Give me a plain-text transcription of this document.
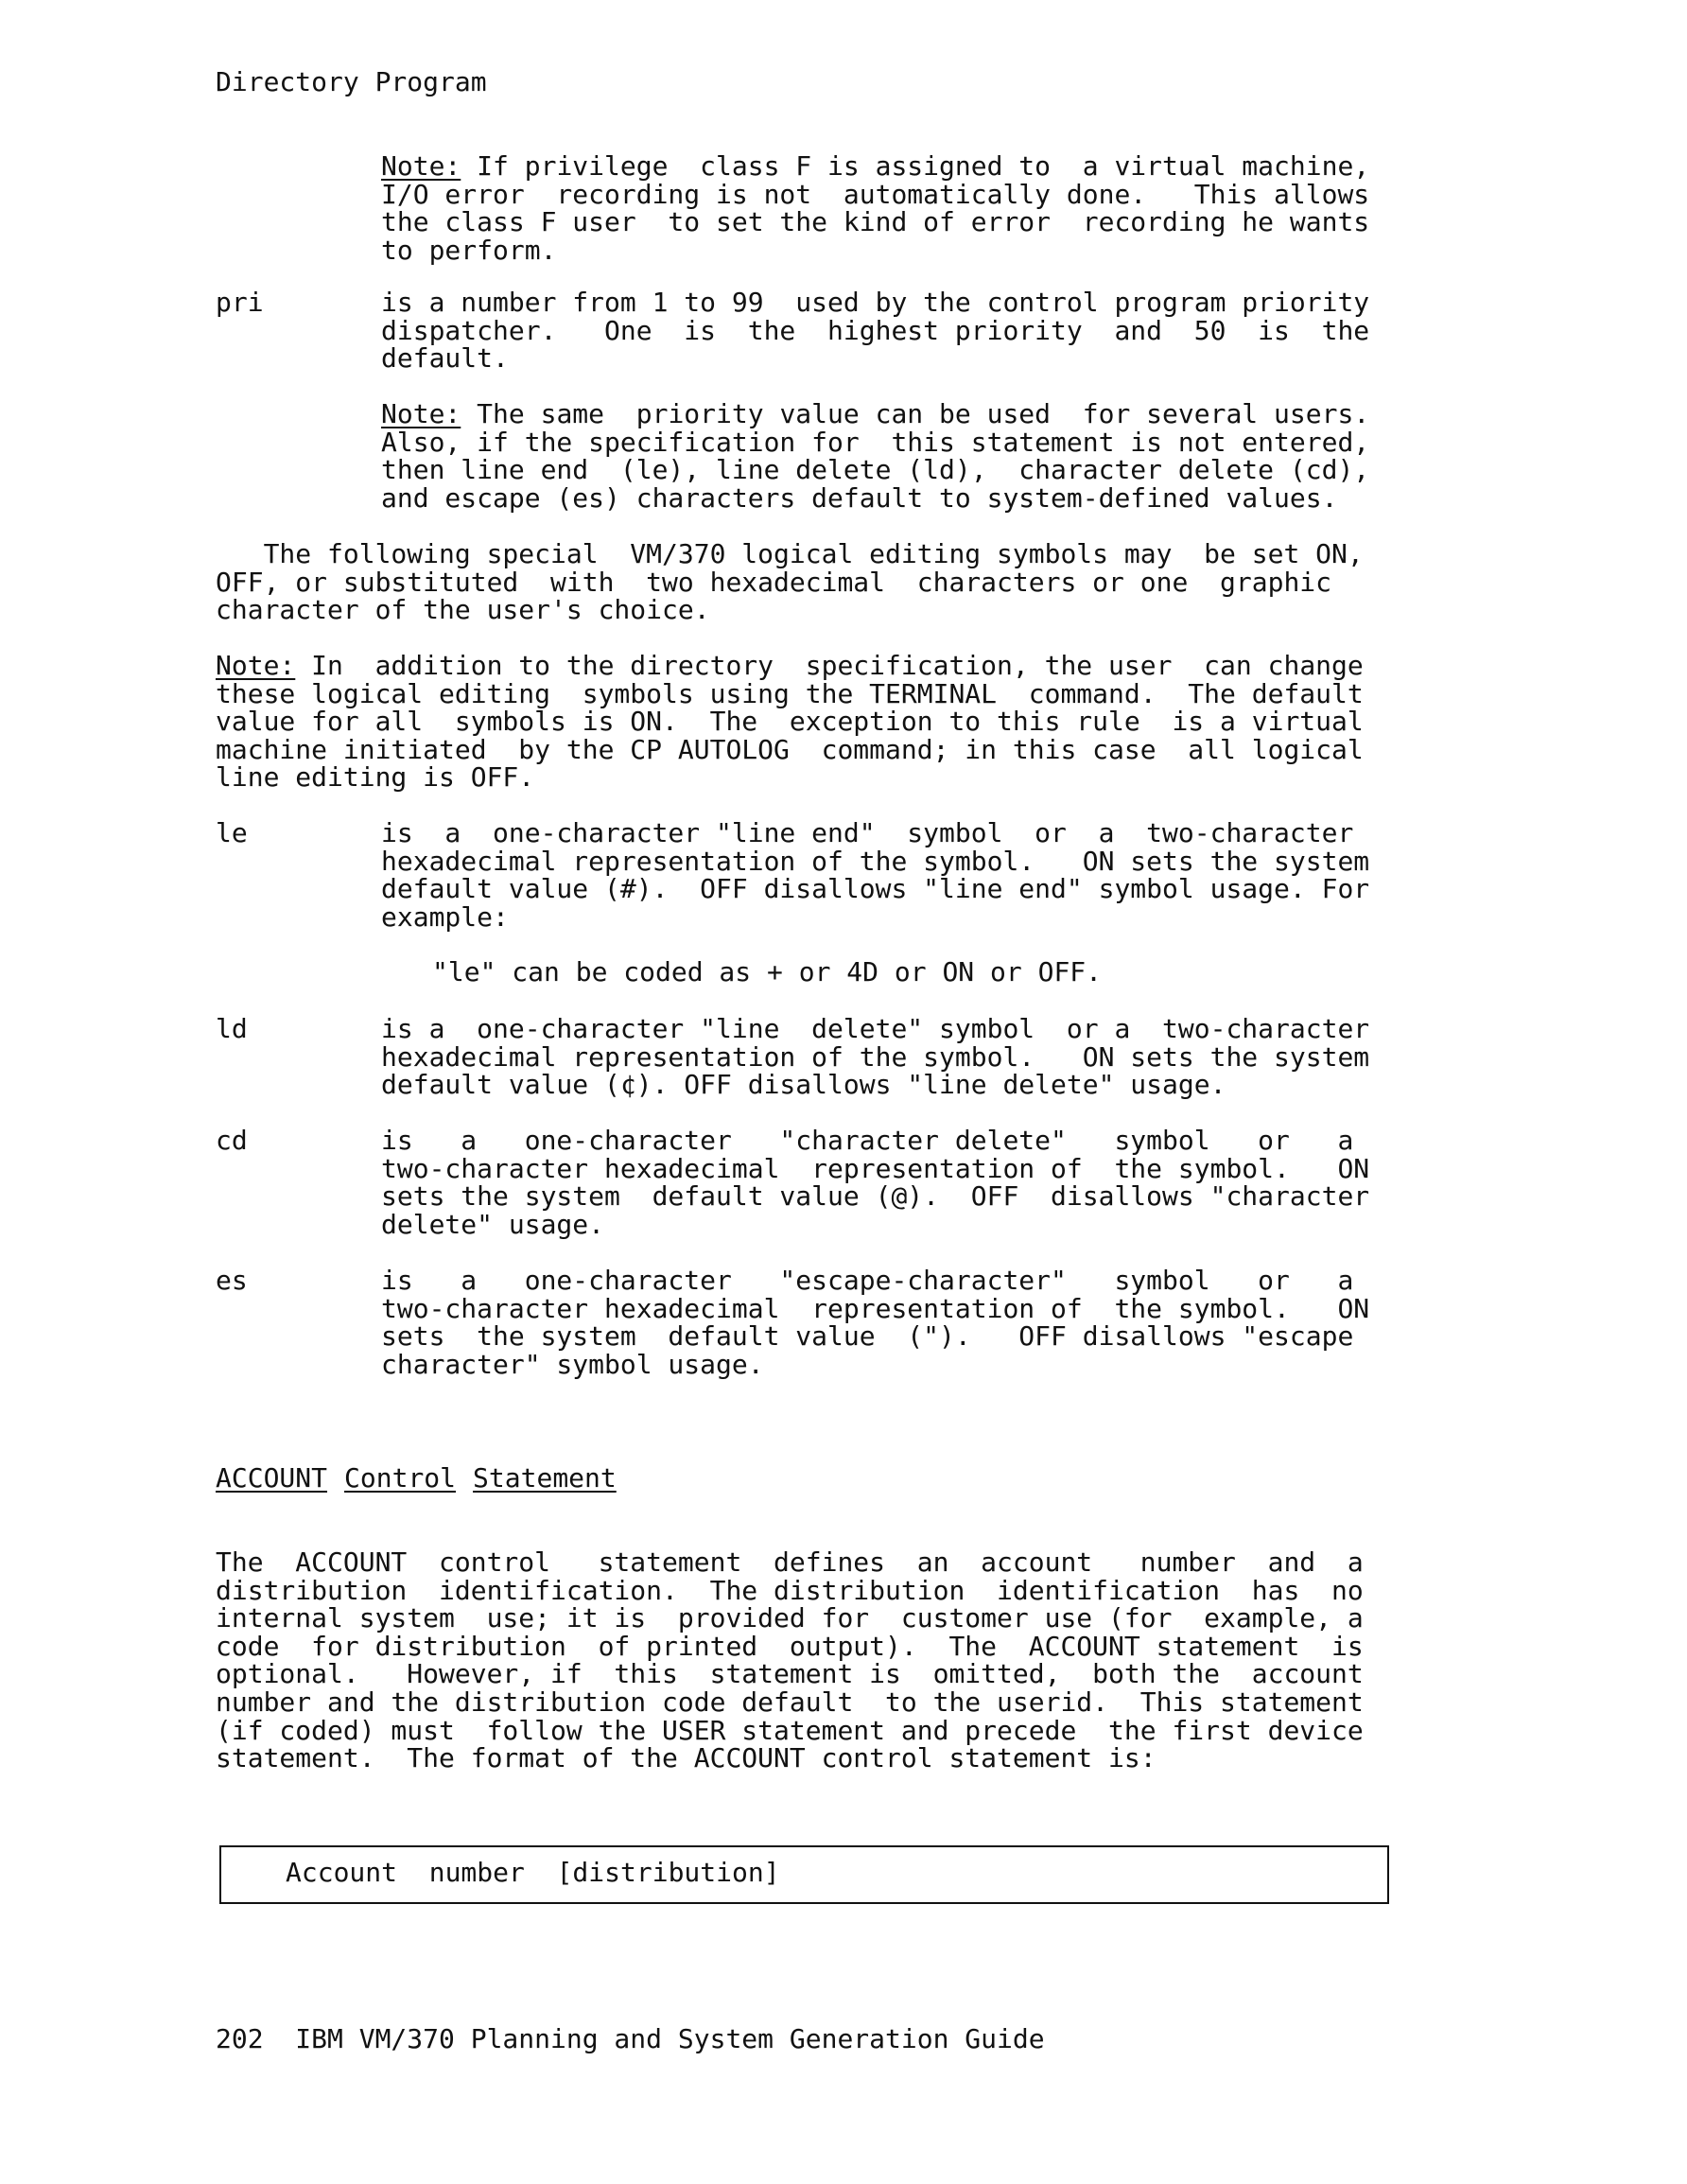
Directory Program
Note: If privilege  class F is assigned to  a virtual machine,
I/O error  recording is not  automatically done.   This allows
the class F user  to set the kind of error  recording he wants
to perform.
pri	is a number from 1 to 99  used by the control program priority
dispatcher.   One  is  the  highest priority  and  50  is  the
default.
Note: The same  priority value can be used  for several users.
Also, if the specification for  this statement is not entered,
then line end  (le), line delete (ld),  character delete (cd),
and escape (es) characters default to system-defined values.
The following special  VM/370 logical editing symbols may  be set ON,
OFF, or substituted  with  two hexadecimal  characters or one  graphic
character of the user's choice.
Note: In  addition to the directory  specification, the user  can change
these logical editing  symbols using the TERMINAL  command.  The default
value for all  symbols is ON.  The  exception to this rule  is a virtual
machine initiated  by the CP AUTOLOG  command; in this case  all logical
line editing is OFF.
le	is  a  one-character "line end"  symbol  or  a  two-character
hexadecimal representation of the symbol.   ON sets the system
default value (#).  OFF disallows "line end" symbol usage. For
example:
"le" can be coded as + or 4D or ON or OFF.
ld	is a  one-character "line  delete" symbol  or a  two-character
hexadecimal representation of the symbol.   ON sets the system
default value (¢). OFF disallows "line delete" usage.
cd	is   a   one-character   "character delete"   symbol   or   a
two-character hexadecimal  representation of  the symbol.   ON
sets the system  default value (@).  OFF  disallows "character
delete" usage.
es	is   a   one-character   "escape-character"   symbol   or   a
two-character hexadecimal  representation of  the symbol.   ON
sets  the system  default value  (").   OFF disallows "escape
character" symbol usage.
ACCOUNT Control Statement
The  ACCOUNT  control   statement  defines  an  account   number  and  a
distribution  identification.  The distribution  identification  has  no
internal system  use; it is  provided for  customer use (for  example, a
code  for distribution  of printed  output).  The  ACCOUNT statement  is
optional.   However, if  this  statement is  omitted,  both the  account
number and the distribution code default  to the userid.  This statement
(if coded) must  follow the USER statement and precede  the first device
statement.  The format of the ACCOUNT control statement is:
Account  number  [distribution]
202  IBM VM/370 Planning and System Generation Guide
